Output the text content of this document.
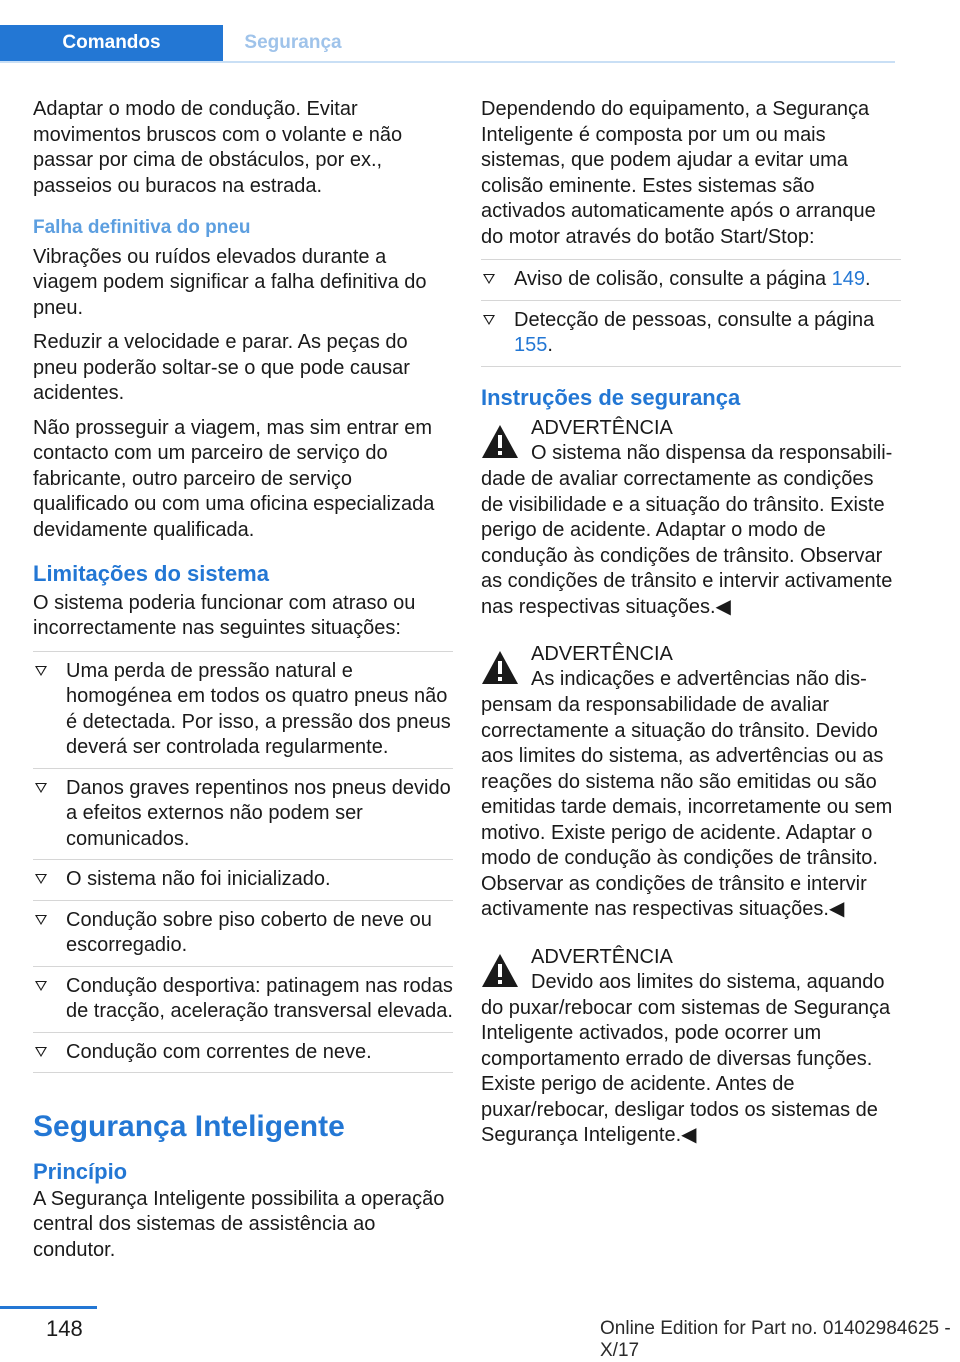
Comandos	Segurança

Adaptar o modo de condução. Evitar movimentos bruscos com o volante e não passar por cima de obstáculos, por ex., passeios ou buracos na estrada.

Falha definitiva do pneu

Vibrações ou ruídos elevados durante a viagem podem significar a falha definitiva do pneu.

Reduzir a velocidade e parar. As peças do pneu poderão soltar-se o que pode causar acidentes.

Não prosseguir a viagem, mas sim entrar em contacto com um parceiro de serviço do fabricante, outro parceiro de serviço qualificado ou com uma oficina especializada devidamente qualificada.

Limitações do sistema

O sistema poderia funcionar com atraso ou incorrectamente nas seguintes situações:

Uma perda de pressão natural e homogénea em todos os quatro pneus não é detectada. Por isso, a pressão dos pneus deverá ser controlada regularmente.
Danos graves repentinos nos pneus devido a efeitos externos não podem ser comunicados.
O sistema não foi inicializado.
Condução sobre piso coberto de neve ou escorregadio.
Condução desportiva: patinagem nas rodas de tracção, aceleração transversal elevada.
Condução com correntes de neve.
Segurança Inteligente
Princípio

A Segurança Inteligente possibilita a operação central dos sistemas de assistência ao condutor.

Dependendo do equipamento, a Segurança Inteligente é composta por um ou mais sistemas, que podem ajudar a evitar uma colisão eminente. Estes sistemas são activados automaticamente após o arranque do motor através do botão Start/Stop:

Aviso de colisão, consulte a página 149.
Detecção de pessoas, consulte a página 155.
Instruções de segurança
ADVERTÊNCIA
O sistema não dispensa da responsabili-
dade de avaliar correctamente as condições de visibilidade e a situação do trânsito. Existe perigo de acidente. Adaptar o modo de condução às condições de trânsito. Observar as condições de trânsito e intervir activamente nas respectivas situações.◀
ADVERTÊNCIA
As indicações e advertências não dis-
pensam da responsabilidade de avaliar correctamente a situação do trânsito. Devido aos limites do sistema, as advertências ou as reações do sistema não são emitidas ou são emitidas tarde demais, incorretamente ou sem motivo. Existe perigo de acidente. Adaptar o modo de condução às condições de trânsito. Observar as condições de trânsito e intervir activamente nas respectivas situações.◀
ADVERTÊNCIA
Devido aos limites do sistema, aquando
do puxar/rebocar com sistemas de Segurança Inteligente activados, pode ocorrer um comportamento errado de diversas funções. Existe perigo de acidente. Antes de puxar/rebocar, desligar todos os sistemas de Segurança Inteligente.◀
148	Online Edition for Part no. 01402984625 - X/17
